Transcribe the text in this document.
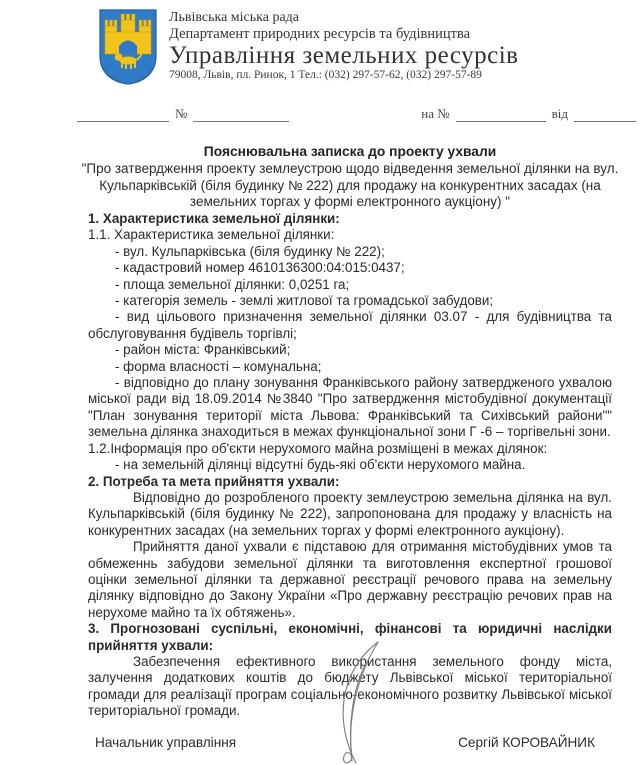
Львівська міська рада
Департамент природних ресурсів та будівництва
Управління земельних ресурсів
79008, Львів, пл. Ринок, 1 Тел.: (032) 297-57-62, (032) 297-57-89
№	на №	від
Пояснювальна записка до проекту ухвали
"Про затвердження проекту землеустрою щодо відведення земельної ділянки на вул. Кульпарківській (біля будинку № 222) для продажу на конкурентних засадах (на земельних торгах у формі електронного аукціону) "

1. Характеристика земельної ділянки:

1.1. Характеристика земельної ділянки:

- вул. Кульпарківська (біля будинку № 222);

- кадастровий номер 4610136300:04:015:0437;

- площа земельної ділянки: 0,0251 га;

- категорія земель - землі житлової та громадської забудови;

- вид цільового призначення земельної ділянки 03.07 - для будівництва та обслуговування будівель торгівлі;

- район міста: Франківський;

- форма власності – комунальна;

- відповідно до плану зонування Франківського району затвердженого ухвалою міської ради від 18.09.2014 №3840 "Про затвердження містобудівної документації "План зонування території міста Львова: Франківський та Сихівський райони"" земельна ділянка знаходиться в межах функціональної зони Г -6 – торгівельні зони.

1.2.Інформація про об'єкти нерухомого майна розміщені в межах ділянок:

- на земельній ділянці відсутні будь-які об'єкти нерухомого майна.

2. Потреба та мета прийняття ухвали:

Відповідно до розробленого проекту землеустрою земельна ділянка на вул. Кульпарківській (біля будинку № 222), запропонована для продажу у власність на конкурентних засадах (на земельних торгах у формі електронного аукціону).

Прийняття даної ухвали є підставою для отримання містобудівних умов та обмеженнь забудови земельної ділянки та виготовлення експертної грошової оцінки земельної ділянки та державної реєстрації речового права на земельну ділянку відповідно до Закону України «Про державну реєстрацію речових прав на нерухоме майно та їх обтяжень».

3. Прогнозовані суспільні, економічні, фінансові та юридичні наслідки прийняття ухвали:

Забезпечення ефективного використання земельного фонду міста, залучення додаткових коштів до бюджету Львівської міської територіальної громади для реалізації програм соціально-економічного розвитку Львівської міської територіальної громади.

Начальник управління	Сергій КОРОВАЙНИК
